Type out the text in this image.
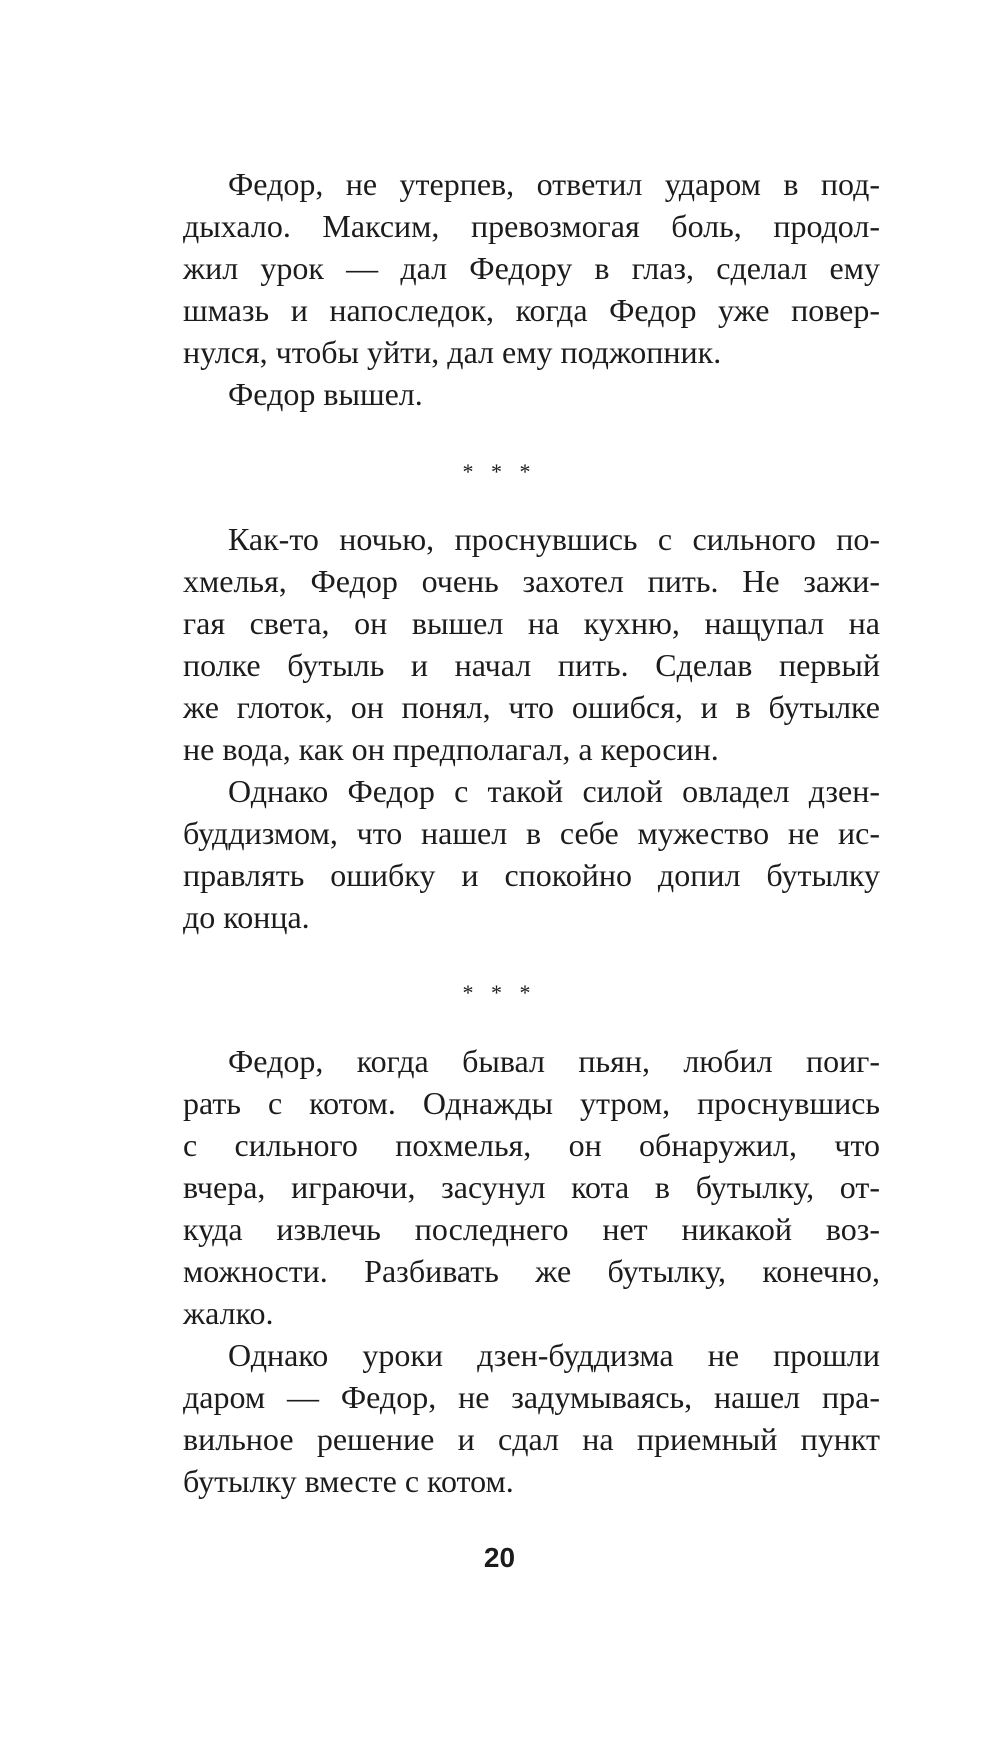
Федор, не утерпев, ответил ударом в под-
дыхало. Максим, превозмогая боль, продол-
жил урок — дал Федору в глаз, сделал ему
шмазь и напоследок, когда Федор уже повер-
нулся, чтобы уйти, дал ему поджопник.
Федор вышел.
* * *
Как-то ночью, проснувшись с сильного по-
хмелья, Федор очень захотел пить. Не зажи-
гая света, он вышел на кухню, нащупал на
полке бутыль и начал пить. Сделав первый
же глоток, он понял, что ошибся, и в бутылке
не вода, как он предполагал, а керосин.
Однако Федор с такой силой овладел дзен-
буддизмом, что нашел в себе мужество не ис-
правлять ошибку и спокойно допил бутылку
до конца.
* * *
Федор, когда бывал пьян, любил поиг-
рать с котом. Однажды утром, проснувшись
с сильного похмелья, он обнаружил, что
вчера, играючи, засунул кота в бутылку, от-
куда извлечь последнего нет никакой воз-
можности. Разбивать же бутылку, конечно,
жалко.
Однако уроки дзен-буддизма не прошли
даром — Федор, не задумываясь, нашел пра-
вильное решение и сдал на приемный пункт
бутылку вместе с котом.
20
